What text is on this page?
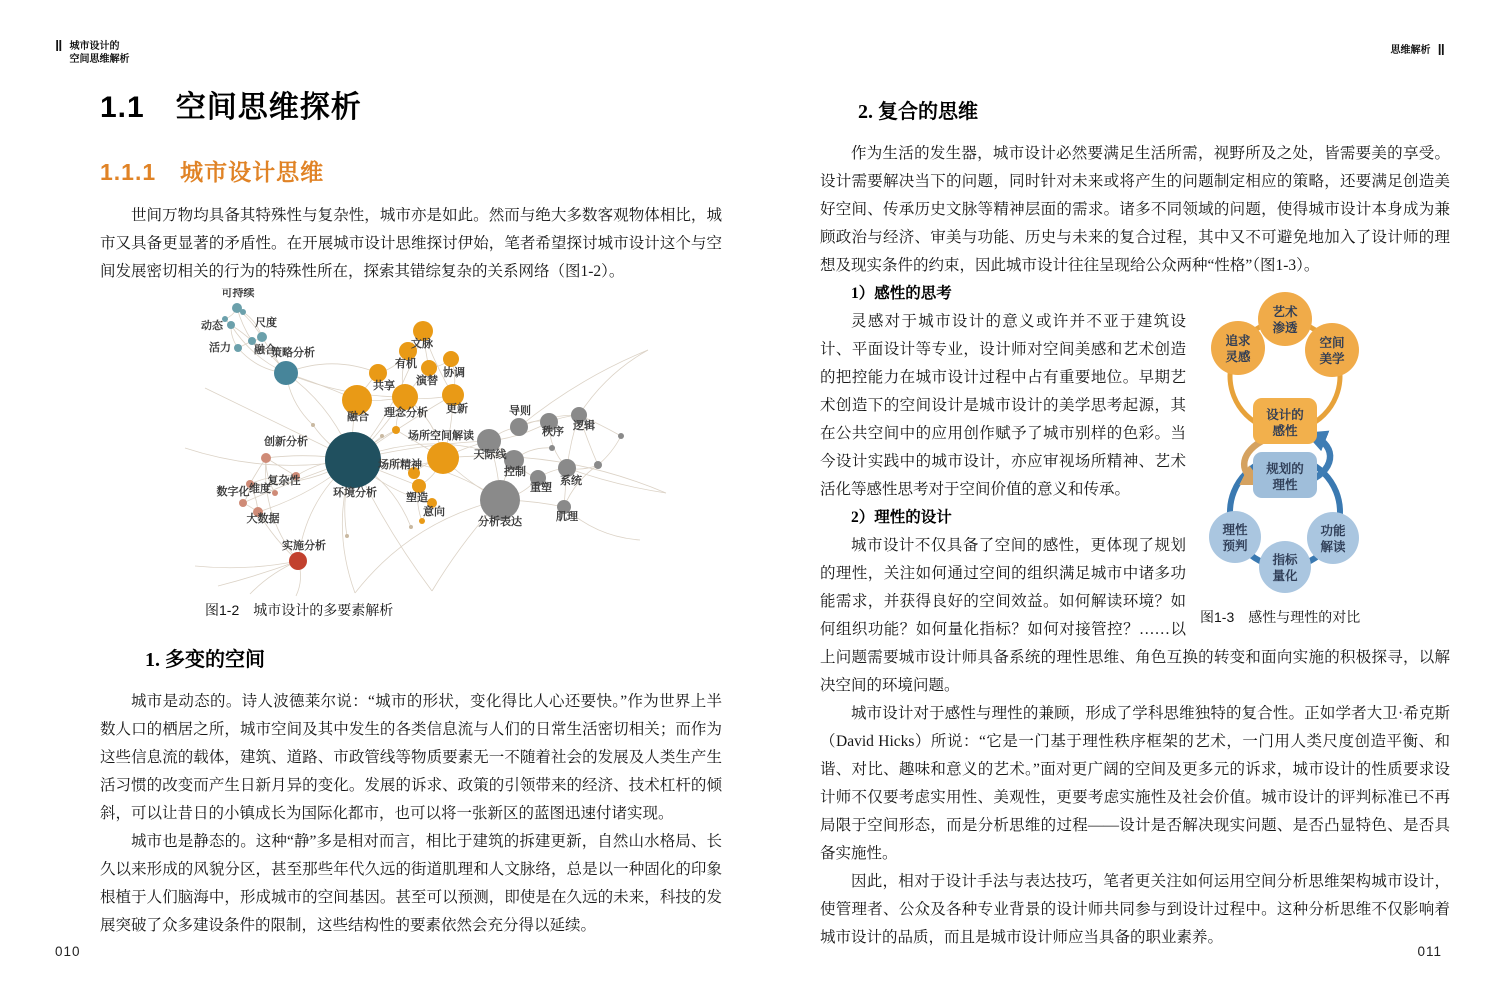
‖ 城市设计的
空间思维解析
思维解析 ‖
1.1　空间思维探析
1.1.1　城市设计思维

世间万物均具备其特殊性与复杂性，城市亦是如此。然而与绝大多数客观物体相比，城市又具备更显著的矛盾性。在开展城市设计思维探讨伊始，笔者希望探讨城市设计这个与空间发展密切相关的行为的特殊性所在，探索其错综复杂的关系网络（图1-2）。

可持续
动态	尺度
活力 融合
策略分析
环境分析
共享
有机
文脉
演替
协调
融合 理念分析 更新
场所空间解读
场所精神
塑造
意向
导则
秩序 逻辑
天际线
控制
重塑
系统
分析表达	肌理
创新分析
复杂性
维度
数字化
大数据
实施分析
图1-2　城市设计的多要素解析
1. 多变的空间

城市是动态的。诗人波德莱尔说：“城市的形状，变化得比人心还要快。”作为世界上半数人口的栖居之所，城市空间及其中发生的各类信息流与人们的日常生活密切相关；而作为这些信息流的载体，建筑、道路、市政管线等物质要素无一不随着社会的发展及人类生产生活习惯的改变而产生日新月异的变化。发展的诉求、政策的引领带来的经济、技术杠杆的倾斜，可以让昔日的小镇成长为国际化都市，也可以将一张新区的蓝图迅速付诸实现。

城市也是静态的。这种“静”多是相对而言，相比于建筑的拆建更新，自然山水格局、长久以来形成的风貌分区，甚至那些年代久远的街道肌理和人文脉络，总是以一种固化的印象根植于人们脑海中，形成城市的空间基因。甚至可以预测，即使是在久远的未来，科技的发展突破了众多建设条件的限制，这些结构性的要素依然会充分得以延续。

2. 复合的思维

作为生活的发生器，城市设计必然要满足生活所需，视野所及之处，皆需要美的享受。设计需要解决当下的问题，同时针对未来或将产生的问题制定相应的策略，还要满足创造美好空间、传承历史文脉等精神层面的需求。诸多不同领域的问题，使得城市设计本身成为兼顾政治与经济、审美与功能、历史与未来的复合过程，其中又不可避免地加入了设计师的理想及现实条件的约束，因此城市设计往往呈现给公众两种“性格”（图1-3）。

艺术
渗透
追求
灵感
空间
美学
理性
预判
功能
解读
指标
量化
设计的
感性
规划的
理性
图1-3　感性与理性的对比
1）感性的思考

灵感对于城市设计的意义或许并不亚于建筑设计、平面设计等专业，设计师对空间美感和艺术创造的把控能力在城市设计过程中占有重要地位。早期艺术创造下的空间设计是城市设计的美学思考起源，其在公共空间中的应用创作赋予了城市别样的色彩。当今设计实践中的城市设计，亦应审视场所精神、艺术活化等感性思考对于空间价值的意义和传承。

2）理性的设计

城市设计不仅具备了空间的感性，更体现了规划的理性，关注如何通过空间的组织满足城市中诸多功能需求，并获得良好的空间效益。如何解读环境？如何组织功能？如何量化指标？如何对接管控？……以上问题需要城市设计师具备系统的理性思维、角色互换的转变和面向实施的积极探寻，以解决空间的环境问题。

城市设计对于感性与理性的兼顾，形成了学科思维独特的复合性。正如学者大卫·希克斯（David Hicks）所说：“它是一门基于理性秩序框架的艺术，一门用人类尺度创造平衡、和谐、对比、趣味和意义的艺术。”面对更广阔的空间及更多元的诉求，城市设计的性质要求设计师不仅要考虑实用性、美观性，更要考虑实施性及社会价值。城市设计的评判标准已不再局限于空间形态，而是分析思维的过程——设计是否解决现实问题、是否凸显特色、是否具备实施性。

因此，相对于设计手法与表达技巧，笔者更关注如何运用空间分析思维架构城市设计，使管理者、公众及各种专业背景的设计师共同参与到设计过程中。这种分析思维不仅影响着城市设计的品质，而且是城市设计师应当具备的职业素养。

010	011
